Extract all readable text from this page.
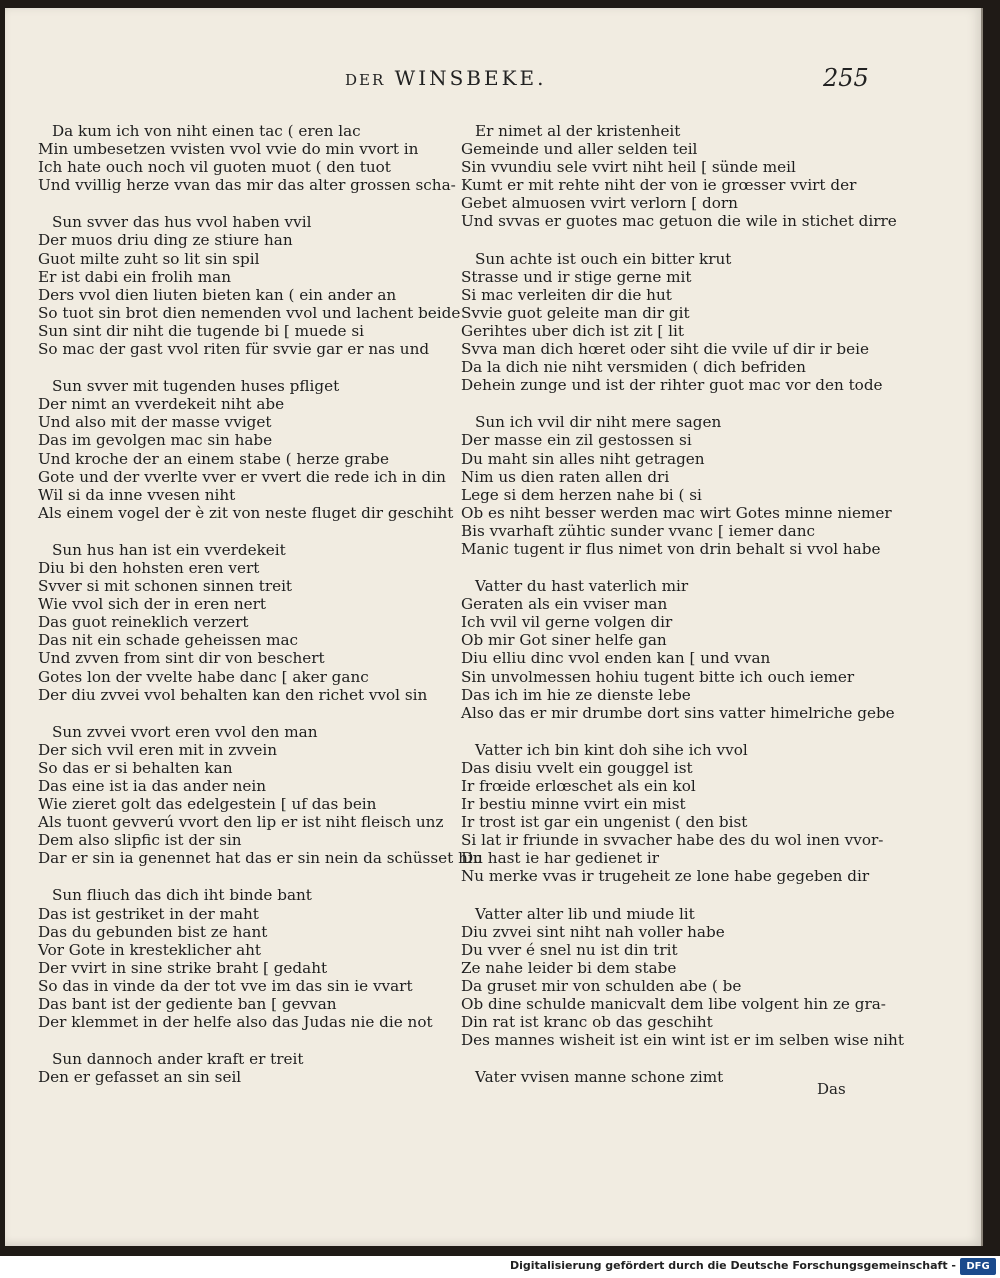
DER WINSBEKE.	255
Da kum ich von niht einen tac ( eren lac
Min umbesetzen vvisten vvol vvie do min vvort in
Ich hate ouch noch vil guoten muot ( den tuot
Und vvillig herze vvan das mir das alter grossen scha-
Sun svver das hus vvol haben vvil
Der muos driu ding ze stiure han
Guot milte zuht so lit sin spil
Er ist dabi ein frolih man
Ders vvol dien liuten bieten kan ( ein ander an
So tuot sin brot dien nemenden vvol und lachent beide
Sun sint dir niht die tugende bi [ muede si
So mac der gast vvol riten für svvie gar er nas und
Sun svver mit tugenden huses pfliget
Der nimt an vverdekeit niht abe
Und also mit der masse vviget
Das im gevolgen mac sin habe
Und kroche der an einem stabe ( herze grabe
Gote und der vverlte vver er vvert die rede ich in din
Wil si da inne vvesen niht
Als einem vogel der è zit von neste fluget dir geschiht
Sun hus han ist ein vverdekeit
Diu bi den hohsten eren vert
Svver si mit schonen sinnen treit
Wie vvol sich der in eren nert
Das guot reineklich verzert
Das nit ein schade geheissen mac
Und zvven from sint dir von beschert
Gotes lon der vvelte habe danc [ aker ganc
Der diu zvvei vvol behalten kan den richet vvol sin
Sun zvvei vvort eren vvol den man
Der sich vvil eren mit in zvvein
So das er si behalten kan
Das eine ist ia das ander nein
Wie zieret golt das edelgestein [ uf das bein
Als tuont gevverú vvort den lip er ist niht fleisch unz
Dem also slipfic ist der sin
Dar er sin ia genennet hat das er sin nein da schüsset hin
Sun fliuch das dich iht binde bant
Das ist gestriket in der maht
Das du gebunden bist ze hant
Vor Gote in kresteklicher aht
Der vvirt in sine strike braht [ gedaht
So das in vinde da der tot vve im das sin ie vvart
Das bant ist der gediente ban [ gevvan
Der klemmet in der helfe also das Judas nie die not
Sun dannoch ander kraft er treit
Den er gefasset an sin seil
Er nimet al der kristenheit
Gemeinde und aller selden teil
Sin vvundiu sele vvirt niht heil [ sünde meil
Kumt er mit rehte niht der von ie grœsser vvirt der
Gebet almuosen vvirt verlorn [ dorn
Und svvas er guotes mac getuon die wile in stichet dirre
Sun achte ist ouch ein bitter krut
Strasse und ir stige gerne mit
Si mac verleiten dir die hut
Svvie guot geleite man dir git
Gerihtes uber dich ist zit [ lit
Svva man dich hœret oder siht die vvile uf dir ir beie
Da la dich nie niht versmiden ( dich befriden
Dehein zunge und ist der rihter guot mac vor den tode
Sun ich vvil dir niht mere sagen
Der masse ein zil gestossen si
Du maht sin alles niht getragen
Nim us dien raten allen dri
Lege si dem herzen nahe bi ( si
Ob es niht besser werden mac wirt Gotes minne niemer
Bis vvarhaft zühtic sunder vvanc [ iemer danc
Manic tugent ir flus nimet von drin behalt si vvol habe
Vatter du hast vaterlich mir
Geraten als ein vviser man
Ich vvil vil gerne volgen dir
Ob mir Got siner helfe gan
Diu elliu dinc vvol enden kan [ und vvan
Sin unvolmessen hohiu tugent bitte ich ouch iemer
Das ich im hie ze dienste lebe
Also das er mir drumbe dort sins vatter himelriche gebe
Vatter ich bin kint doh sihe ich vvol
Das disiu vvelt ein gouggel ist
Ir frœide erlœschet als ein kol
Ir bestiu minne vvirt ein mist
Ir trost ist gar ein ungenist ( den bist
Si lat ir friunde in svvacher habe des du wol inen vvor-
Du hast ie har gedienet ir
Nu merke vvas ir trugeheit ze lone habe gegeben dir
Vatter alter lib und miude lit
Diu zvvei sint niht nah voller habe
Du vver é snel nu ist din trit
Ze nahe leider bi dem stabe
Da gruset mir von schulden abe ( be
Ob dine schulde manicvalt dem libe volgent hin ze gra-
Din rat ist kranc ob das geschiht
Des mannes wisheit ist ein wint ist er im selben wise niht
Vater vvisen manne schone zimt
Das
Digitalisierung gefördert durch die Deutsche Forschungsgemeinschaft -	DFG
